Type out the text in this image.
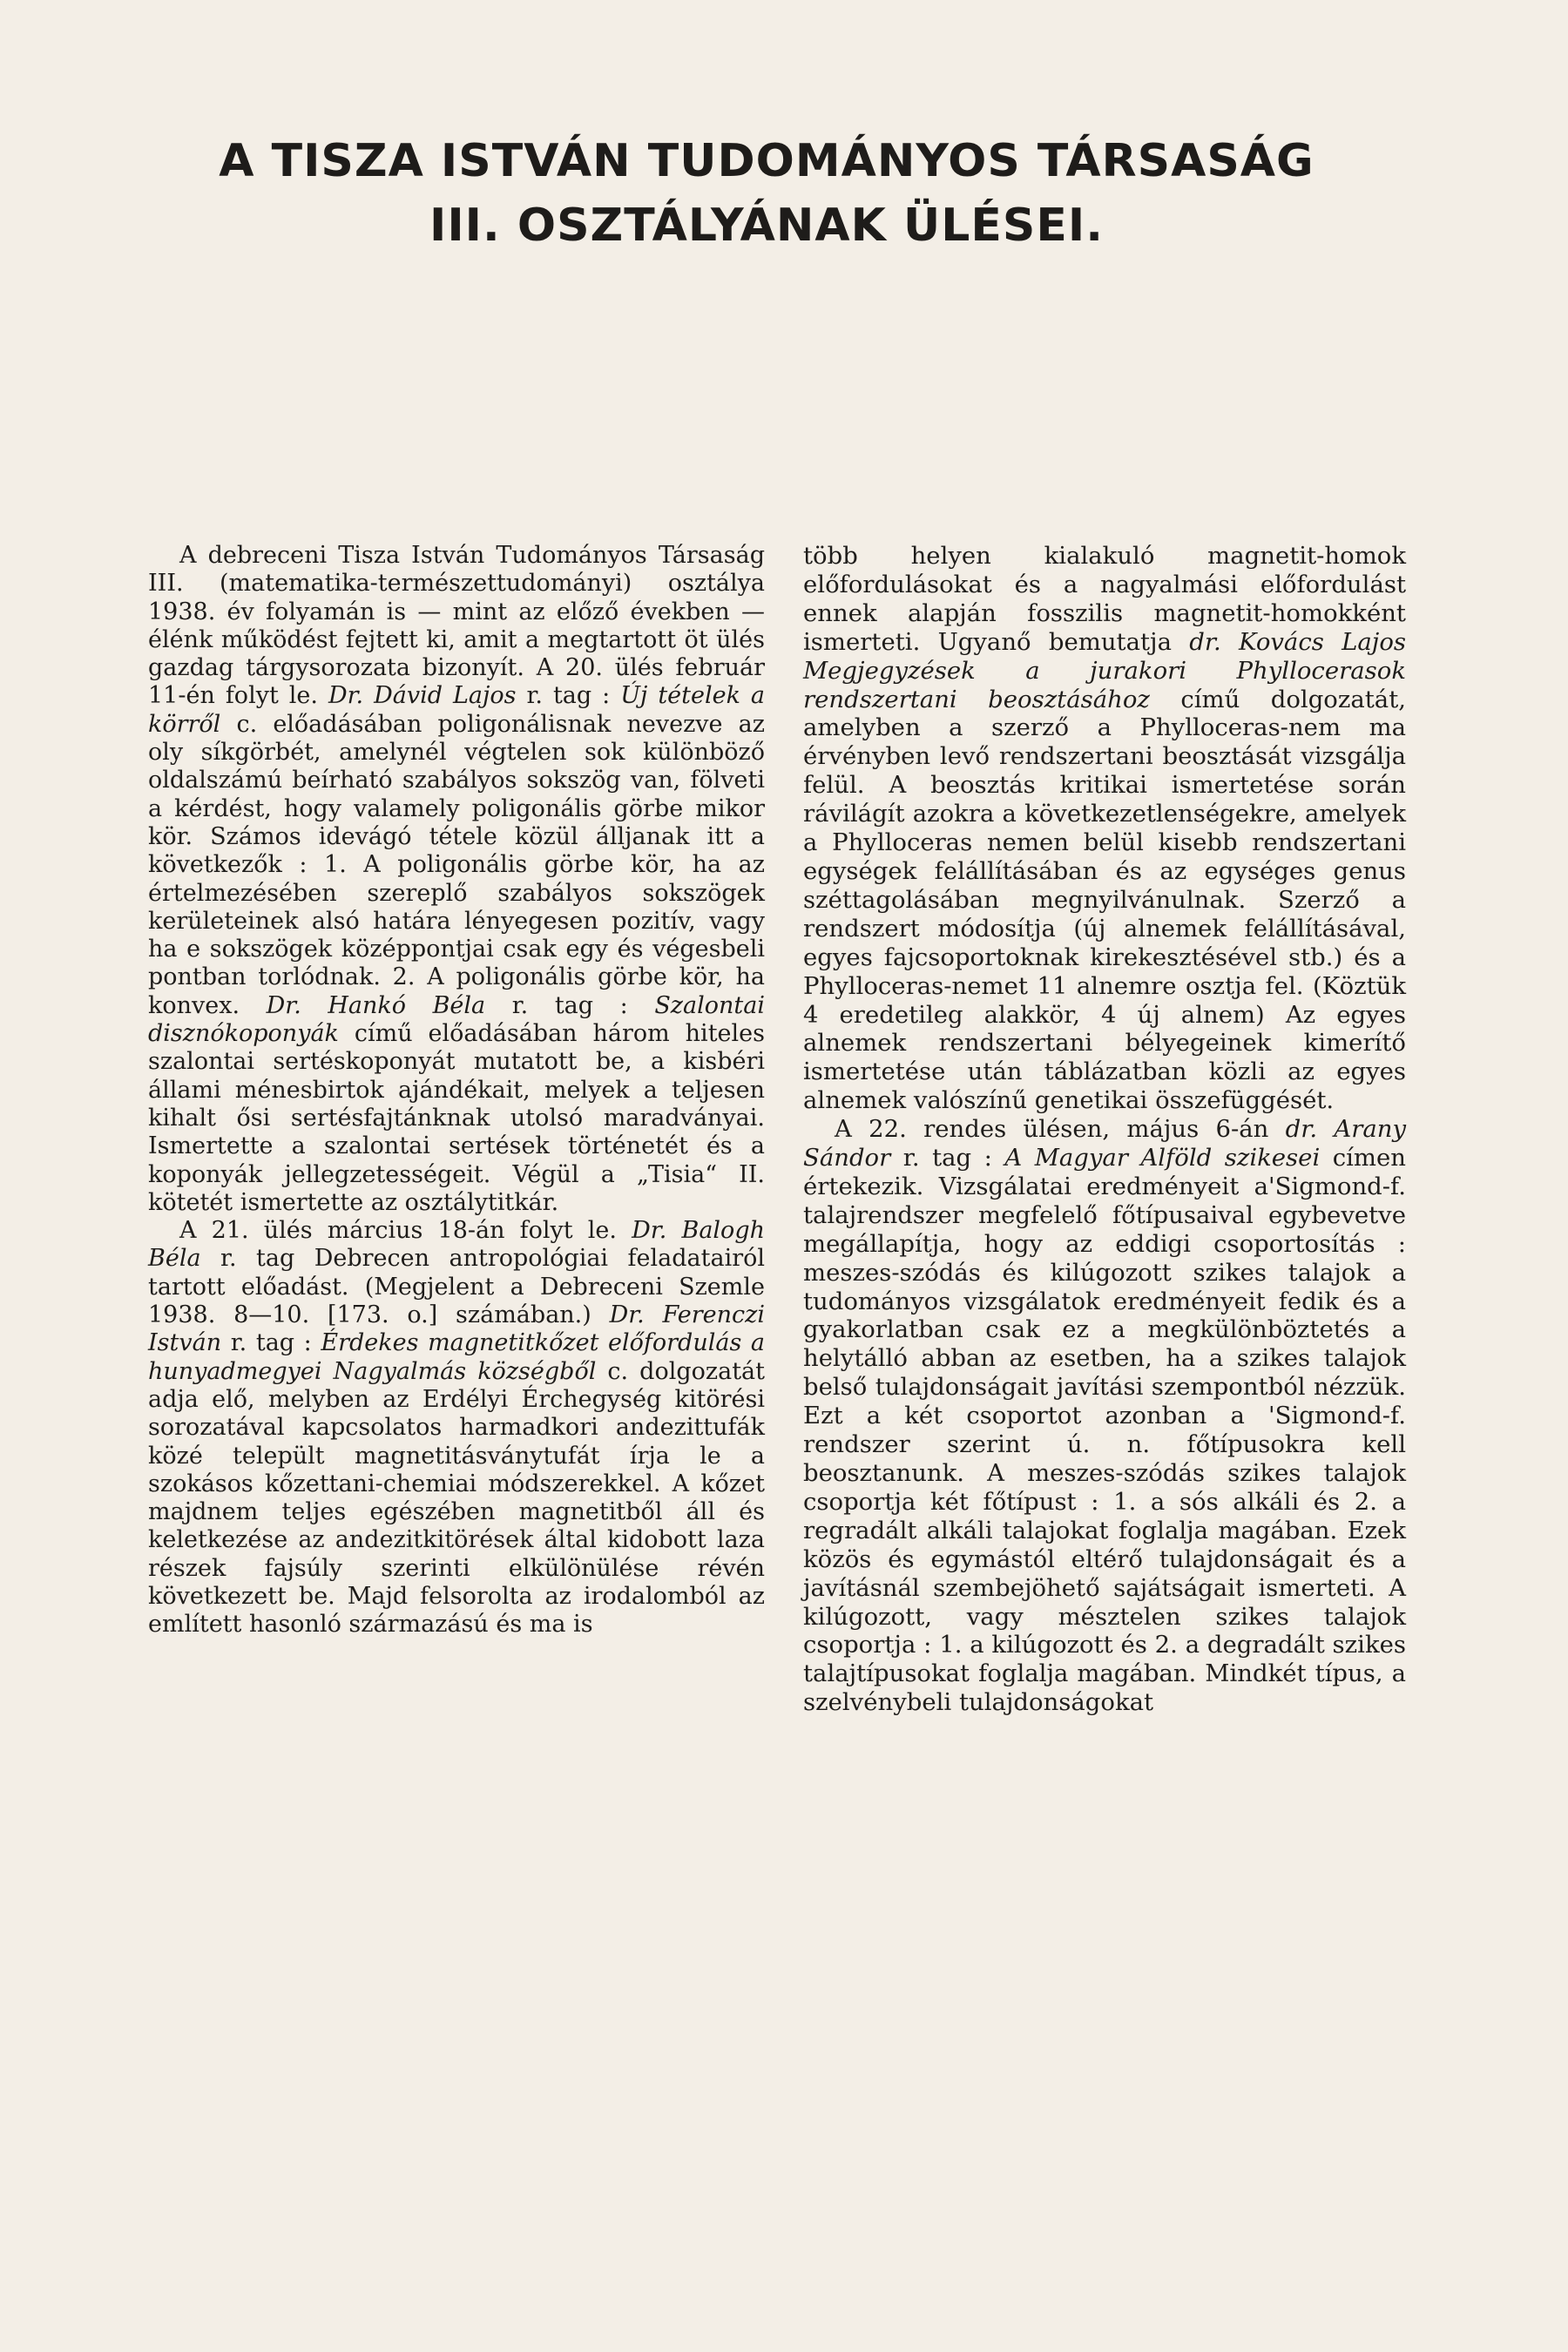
A TISZA ISTVÁN TUDOMÁNYOS TÁRSASÁG
III. OSZTÁLYÁNAK ÜLÉSEI.

A debreceni Tisza István Tudományos Társaság III. (matematika-természettudományi) osztálya 1938. év folyamán is — mint az előző években — élénk működést fejtett ki, amit a megtartott öt ülés gazdag tárgysorozata bizonyít. A 20. ülés február 11-én folyt le. Dr. Dávid Lajos r. tag : Új tételek a körről c. előadásában poligonálisnak nevezve az oly síkgörbét, amelynél végtelen sok különböző oldalszámú beírható szabályos sokszög van, fölveti a kérdést, hogy valamely poligonális görbe mikor kör. Számos idevágó tétele közül álljanak itt a következők : 1. A poligonális görbe kör, ha az értelmezésében szereplő szabályos sokszögek kerületeinek alsó határa lényegesen pozitív, vagy ha e sokszögek középpontjai csak egy és végesbeli pontban torlódnak. 2. A poligonális görbe kör, ha konvex. Dr. Hankó Béla r. tag : Szalontai disznókoponyák című előadásában három hiteles szalontai sertéskoponyát mutatott be, a kisbéri állami ménesbirtok ajándékait, melyek a teljesen kihalt ősi sertésfajtánknak utolsó maradványai. Ismertette a szalontai sertések történetét és a koponyák jellegzetességeit. Végül a „Tisia“ II. kötetét ismertette az osztálytitkár.

A 21. ülés március 18-án folyt le. Dr. Balogh Béla r. tag Debrecen antropológiai feladatairól tartott előadást. (Megjelent a Debreceni Szemle 1938. 8—10. [173. o.] számában.) Dr. Ferenczi István r. tag : Érdekes magnetitkőzet előfordulás a hunyadmegyei Nagyalmás községből c. dolgozatát adja elő, melyben az Erdélyi Érchegység kitörési sorozatával kapcsolatos harmadkori andezittufák közé települt magnetitásványtufát írja le a szokásos kőzettani-chemiai módszerekkel. A kőzet majdnem teljes egészében magnetitből áll és keletkezése az andezitkitörések által kidobott laza részek fajsúly szerinti elkülönülése révén következett be. Majd felsorolta az irodalomból az említett hasonló származású és ma is

több helyen kialakuló magnetit-homok előfordulásokat és a nagyalmási előfordulást ennek alapján fosszilis magnetit-homokként ismerteti. Ugyanő bemutatja dr. Kovács Lajos Megjegyzések a jurakori Phyllocerasok rendszertani beosztásához című dolgozatát, amelyben a szerző a Phylloceras-nem ma érvényben levő rendszertani beosztását vizsgálja felül. A beosztás kritikai ismertetése során rávilágít azokra a következetlenségekre, amelyek a Phylloceras nemen belül kisebb rendszertani egységek felállításában és az egységes genus széttagolásában megnyilvánulnak. Szerző a rendszert módosítja (új alnemek felállításával, egyes fajcsoportoknak kirekesztésével stb.) és a Phylloceras-nemet 11 alnemre osztja fel. (Köztük 4 eredetileg alakkör, 4 új alnem) Az egyes alnemek rendszertani bélyegeinek kimerítő ismertetése után táblázatban közli az egyes alnemek valószínű genetikai összefüggését.

A 22. rendes ülésen, május 6-án dr. Arany Sándor r. tag : A Magyar Alföld szikesei címen értekezik. Vizsgálatai eredményeit a'Sigmond-f. talajrendszer megfelelő főtípusaival egybevetve megállapítja, hogy az eddigi csoportosítás : meszes-szódás és kilúgozott szikes talajok a tudományos vizsgálatok eredményeit fedik és a gyakorlatban csak ez a megkülönböztetés a helytálló abban az esetben, ha a szikes talajok belső tulajdonságait javítási szempontból nézzük. Ezt a két csoportot azonban a 'Sigmond-f. rendszer szerint ú. n. főtípusokra kell beosztanunk. A meszes-szódás szikes talajok csoportja két főtípust : 1. a sós alkáli és 2. a regradált alkáli talajokat foglalja magában. Ezek közös és egymástól eltérő tulajdonságait és a javításnál szembejöhető sajátságait ismerteti. A kilúgozott, vagy mésztelen szikes talajok csoportja : 1. a kilúgozott és 2. a degradált szikes talajtípusokat foglalja magában. Mindkét típus, a szelvénybeli tulajdonságokat
